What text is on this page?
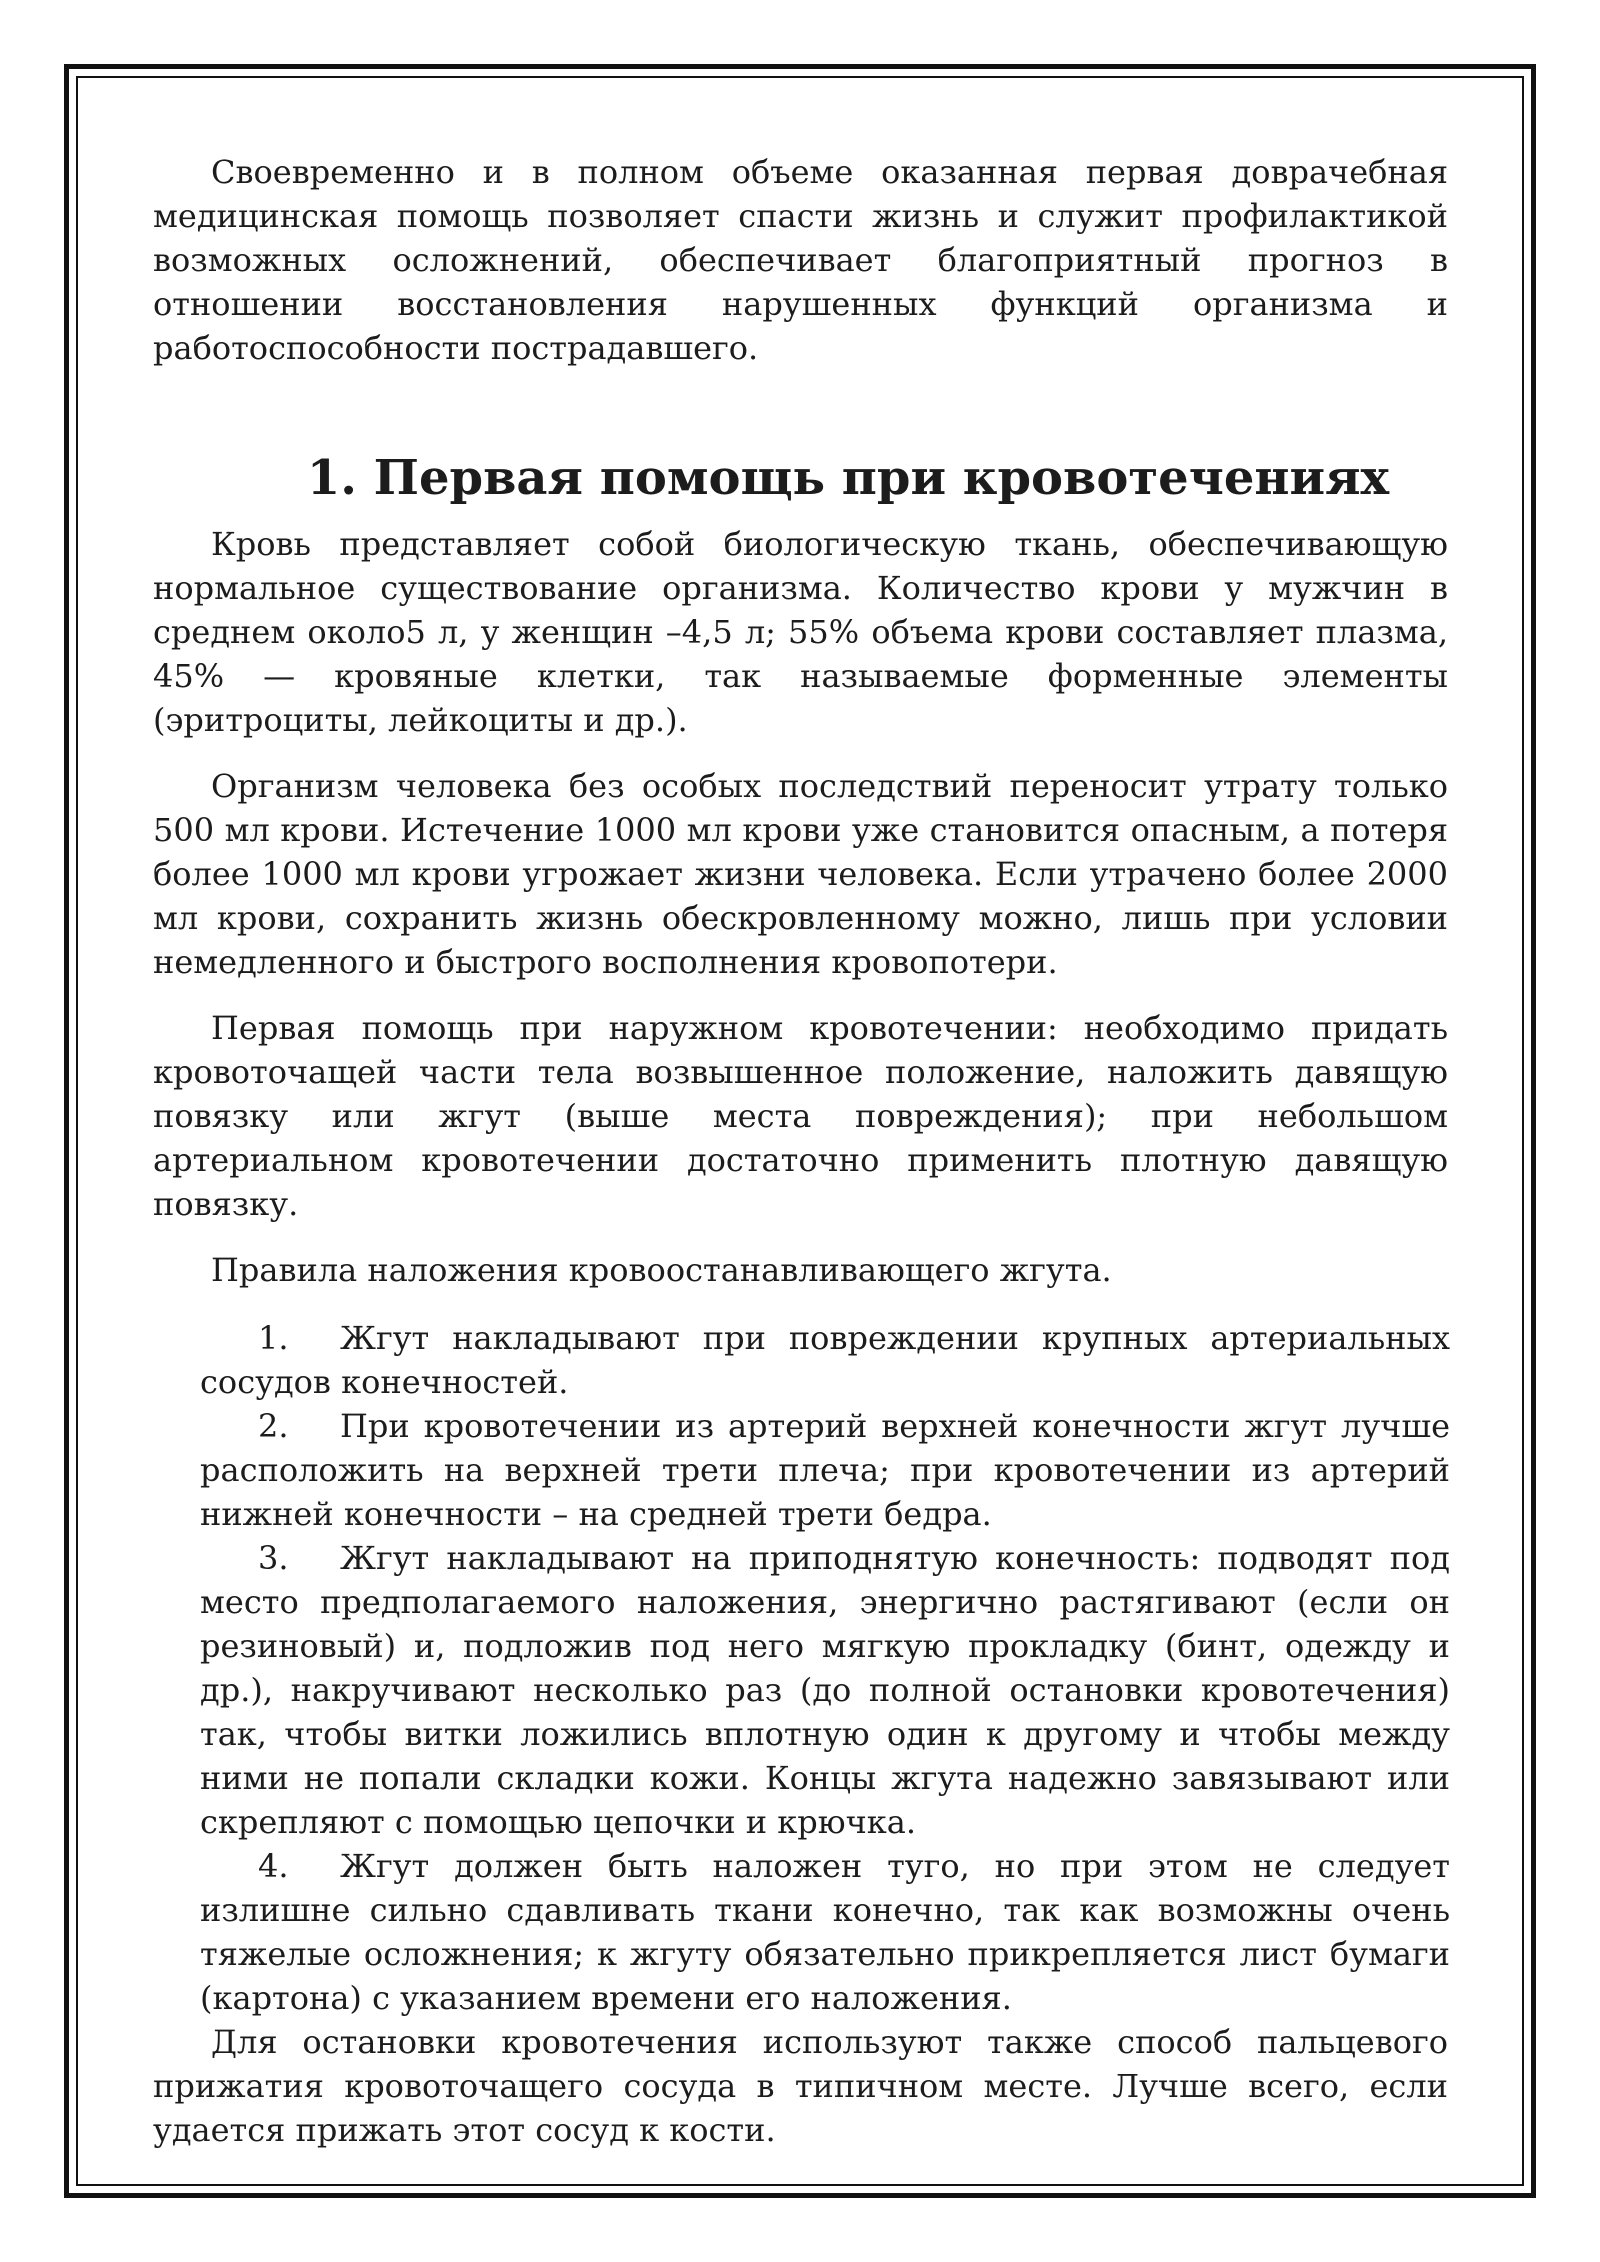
Своевременно и в полном объеме оказанная первая доврачебная медицинская помощь позволяет спасти жизнь и служит профилактикой возможных осложнений, обеспечивает благоприятный прогноз в отношении восстановления нарушенных функций организма и работоспособности пострадавшего.

1. Первая помощь при кровотечениях

Кровь представляет собой биологическую ткань, обеспечивающую нормальное существование организма. Количество крови у мужчин в среднем около5 л, у женщин –4,5 л; 55% объема крови составляет плазма, 45% — кровяные клетки, так называемые форменные элементы (эритроциты, лейкоциты и др.).

Организм человека без особых последствий переносит утрату только 500 мл крови. Истечение 1000 мл крови уже становится опасным, а потеря более 1000 мл крови угрожает жизни человека. Если утрачено более 2000 мл крови, сохранить жизнь обескровленному можно, лишь при условии немедленного и быстрого восполнения кровопотери.

Первая помощь при наружном кровотечении: необходимо придать кровоточащей части тела возвышенное положение, наложить давящую повязку или жгут (выше места повреждения); при небольшом артериальном кровотечении достаточно применить плотную давящую повязку.

Правила наложения кровоостанавливающего жгута.

1. Жгут накладывают при повреждении крупных артериальных сосудов конечностей.
2. При кровотечении из артерий верхней конечности жгут лучше расположить на верхней трети плеча; при кровотечении из артерий нижней конечности – на средней трети бедра.
3. Жгут накладывают на приподнятую конечность: подводят под место предполагаемого наложения, энергично растягивают (если он резиновый) и, подложив под него мягкую прокладку (бинт, одежду и др.), накручивают несколько раз (до полной остановки кровотечения) так, чтобы витки ложились вплотную один к другому и чтобы между ними не попали складки кожи. Концы жгута надежно завязывают или скрепляют с помощью цепочки и крючка.
4. Жгут должен быть наложен туго, но при этом не следует излишне сильно сдавливать ткани конечно, так как возможны очень тяжелые осложнения; к жгуту обязательно прикрепляется лист бумаги (картона) с указанием времени его наложения.

Для остановки кровотечения используют также способ пальцевого прижатия кровоточащего сосуда в типичном месте. Лучше всего, если удается прижать этот сосуд к кости.
